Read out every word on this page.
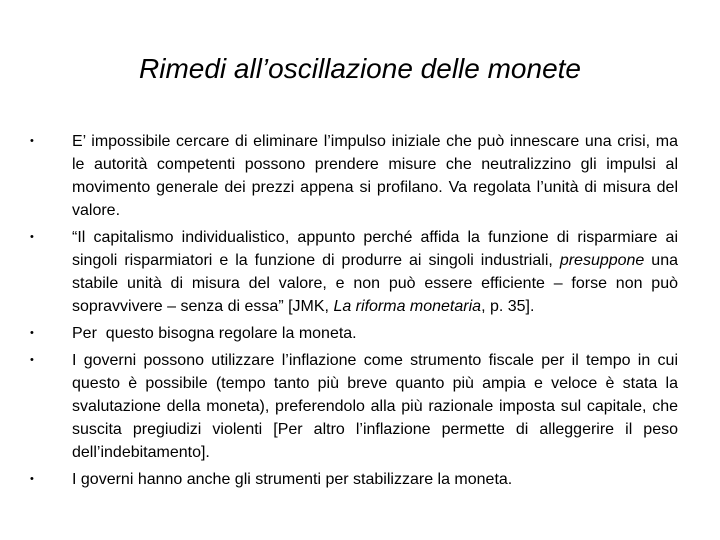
Rimedi all’oscillazione delle monete
•	E’ impossibile cercare di eliminare l’impulso iniziale che può innescare una crisi, ma le autorità competenti possono prendere misure che neutralizzino gli impulsi al movimento generale dei prezzi appena si profilano. Va regolata l’unità di misura del valore.

•	“Il capitalismo individualistico, appunto perché affida la funzione di risparmiare ai singoli risparmiatori e la funzione di produrre ai singoli industriali, presuppone una stabile unità di misura del valore, e non può essere efficiente – forse non può sopravvivere – senza di essa” [JMK, La riforma monetaria, p. 35].

•	Per  questo bisogna regolare la moneta.

•	I governi possono utilizzare l’inflazione come strumento fiscale per il tempo in cui questo è possibile (tempo tanto più breve quanto più ampia e veloce è stata la svalutazione della moneta), preferendolo alla più razionale imposta sul capitale, che suscita pregiudizi violenti [Per altro l’inflazione permette di alleggerire il peso dell’indebitamento].

•	I governi hanno anche gli strumenti per stabilizzare la moneta.
